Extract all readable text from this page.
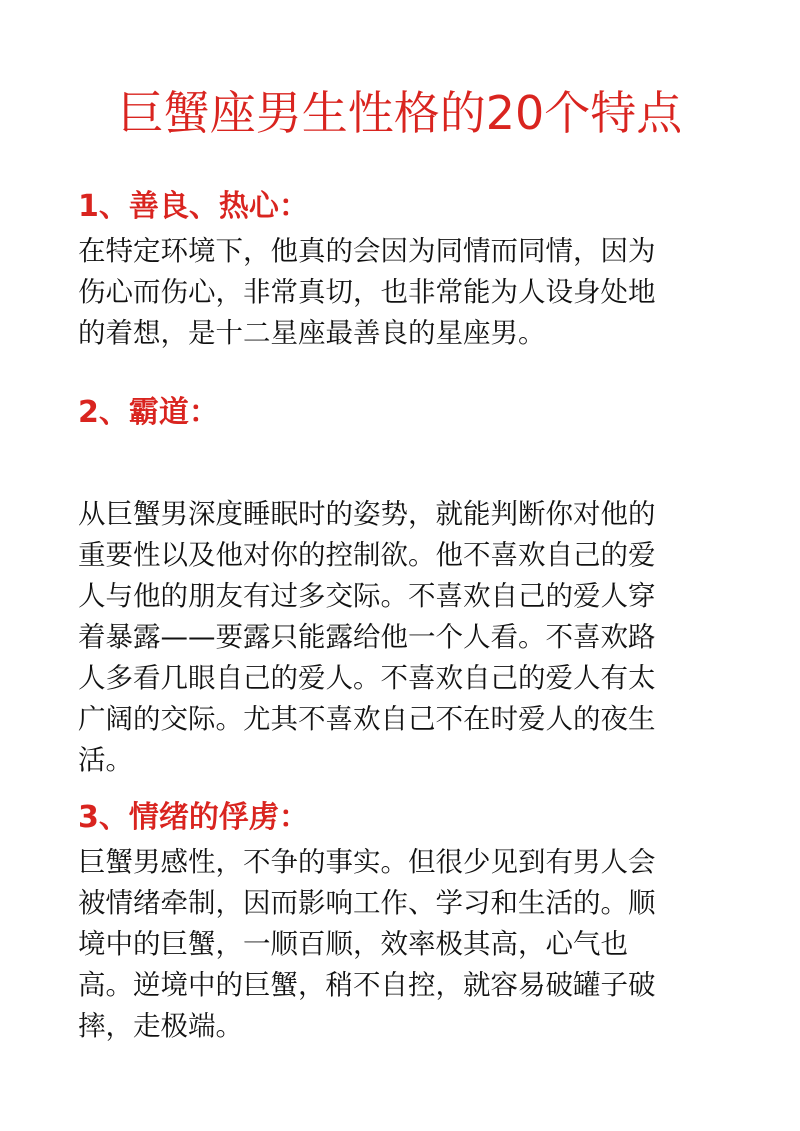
巨蟹座男生性格的20个特点
1、善良、热心：

在特定环境下，他真的会因为同情而同情，因为
伤心而伤心，非常真切，也非常能为人设身处地
的着想，是十二星座最善良的星座男。

2、霸道：

从巨蟹男深度睡眠时的姿势，就能判断你对他的
重要性以及他对你的控制欲。他不喜欢自己的爱
人与他的朋友有过多交际。不喜欢自己的爱人穿
着暴露——要露只能露给他一个人看。不喜欢路
人多看几眼自己的爱人。不喜欢自己的爱人有太
广阔的交际。尤其不喜欢自己不在时爱人的夜生
活。

3、情绪的俘虏：

巨蟹男感性，不争的事实。但很少见到有男人会
被情绪牵制，因而影响工作、学习和生活的。顺
境中的巨蟹，一顺百顺，效率极其高，心气也
高。逆境中的巨蟹，稍不自控，就容易破罐子破
摔，走极端。
